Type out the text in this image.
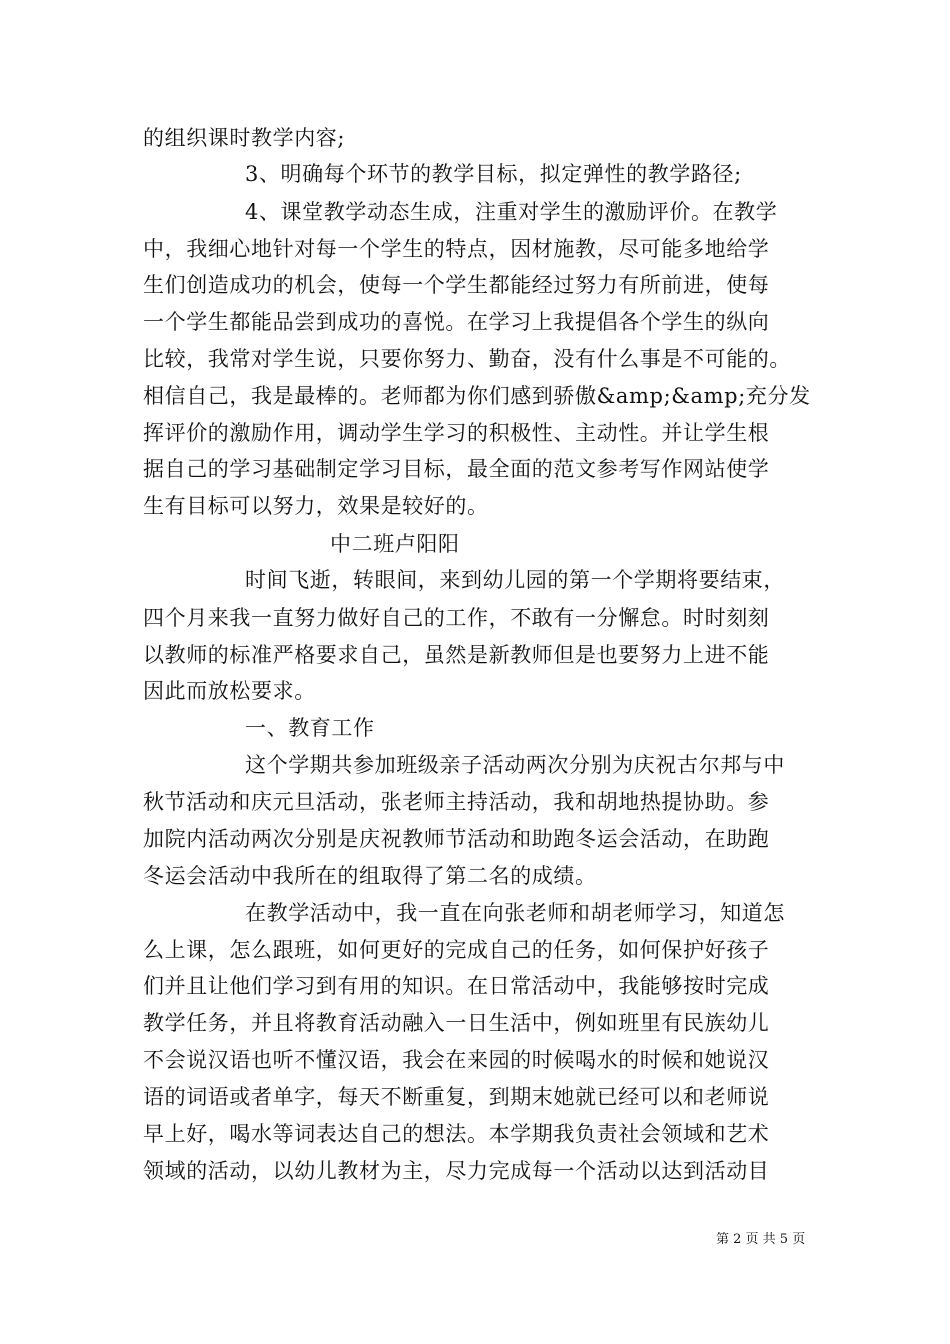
的组织课时教学内容;
3、明确每个环节的教学目标，拟定弹性的教学路径;
4、课堂教学动态生成，注重对学生的激励评价。在教学
中，我细心地针对每一个学生的特点，因材施教，尽可能多地给学
生们创造成功的机会，使每一个学生都能经过努力有所前进，使每
一个学生都能品尝到成功的喜悦。在学习上我提倡各个学生的纵向
比较，我常对学生说，只要你努力、勤奋，没有什么事是不可能的。
相信自己，我是最棒的。老师都为你们感到骄傲&amp;&amp;充分发
挥评价的激励作用，调动学生学习的积极性、主动性。并让学生根
据自己的学习基础制定学习目标，最全面的范文参考写作网站使学
生有目标可以努力，效果是较好的。
中二班卢阳阳
时间飞逝，转眼间，来到幼儿园的第一个学期将要结束，
四个月来我一直努力做好自己的工作，不敢有一分懈怠。时时刻刻
以教师的标准严格要求自己，虽然是新教师但是也要努力上进不能
因此而放松要求。
一、教育工作
这个学期共参加班级亲子活动两次分别为庆祝古尔邦与中
秋节活动和庆元旦活动，张老师主持活动，我和胡地热提协助。参
加院内活动两次分别是庆祝教师节活动和助跑冬运会活动，在助跑
冬运会活动中我所在的组取得了第二名的成绩。
在教学活动中，我一直在向张老师和胡老师学习，知道怎
么上课，怎么跟班，如何更好的完成自己的任务，如何保护好孩子
们并且让他们学习到有用的知识。在日常活动中，我能够按时完成
教学任务，并且将教育活动融入一日生活中，例如班里有民族幼儿
不会说汉语也听不懂汉语，我会在来园的时候喝水的时候和她说汉
语的词语或者单字，每天不断重复，到期末她就已经可以和老师说
早上好，喝水等词表达自己的想法。本学期我负责社会领域和艺术
领域的活动，以幼儿教材为主，尽力完成每一个活动以达到活动目
第 2 页 共 5 页
